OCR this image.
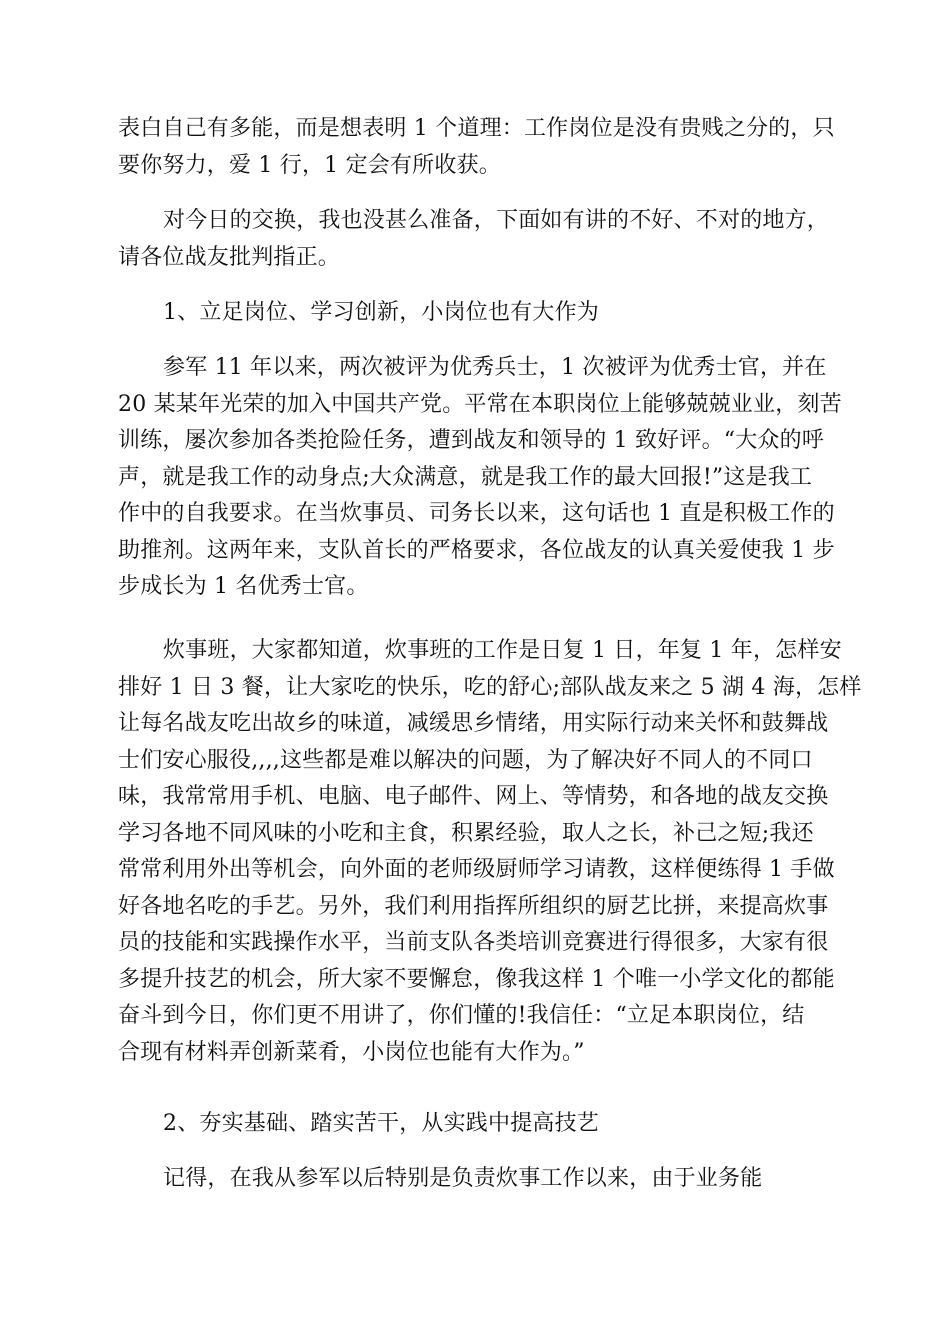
表白自己有多能，而是想表明 1 个道理：工作岗位是没有贵贱之分的，只
要你努力，爱 1 行，1 定会有所收获。
对今日的交换，我也没甚么准备，下面如有讲的不好、不对的地方，
请各位战友批判指正。
1、立足岗位、学习创新，小岗位也有大作为
参军 11 年以来，两次被评为优秀兵士，1 次被评为优秀士官，并在
20 某某年光荣的加入中国共产党。平常在本职岗位上能够兢兢业业，刻苦
训练，屡次参加各类抢险任务，遭到战友和领导的 1 致好评。“大众的呼
声，就是我工作的动身点;大众满意，就是我工作的最大回报!”这是我工
作中的自我要求。在当炊事员、司务长以来，这句话也 1 直是积极工作的
助推剂。这两年来，支队首长的严格要求，各位战友的认真关爱使我 1 步
步成长为 1 名优秀士官。
炊事班，大家都知道，炊事班的工作是日复 1 日，年复 1 年，怎样安
排好 1 日 3 餐，让大家吃的快乐，吃的舒心;部队战友来之 5 湖 4 海，怎样
让每名战友吃出故乡的味道，减缓思乡情绪，用实际行动来关怀和鼓舞战
士们安心服役,,,,这些都是难以解决的问题，为了解决好不同人的不同口
味，我常常用手机、电脑、电子邮件、网上、等情势，和各地的战友交换
学习各地不同风味的小吃和主食，积累经验，取人之长，补己之短;我还
常常利用外出等机会，向外面的老师级厨师学习请教，这样便练得 1 手做
好各地名吃的手艺。另外，我们利用指挥所组织的厨艺比拼，来提高炊事
员的技能和实践操作水平，当前支队各类培训竞赛进行得很多，大家有很
多提升技艺的机会，所大家不要懈怠，像我这样 1 个唯一小学文化的都能
奋斗到今日，你们更不用讲了，你们懂的!我信任：“立足本职岗位，结
合现有材料弄创新菜肴，小岗位也能有大作为。”
2、夯实基础、踏实苦干，从实践中提高技艺
记得，在我从参军以后特别是负责炊事工作以来，由于业务能
